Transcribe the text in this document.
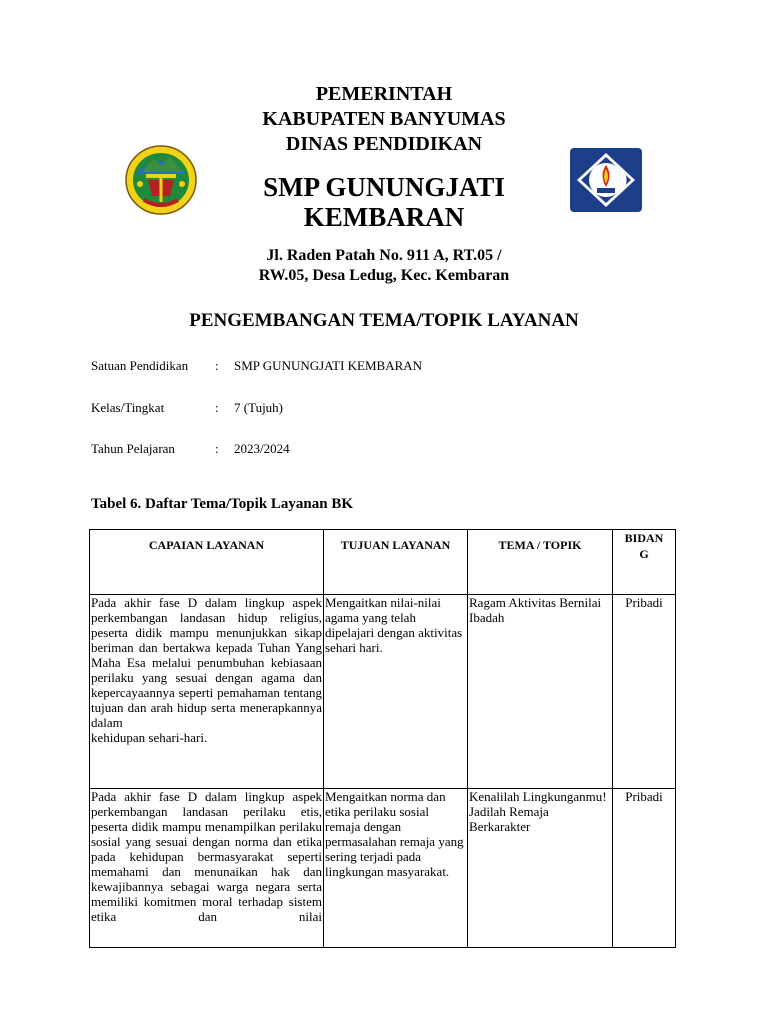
PEMERINTAH
KABUPATEN BANYUMAS
DINAS PENDIDIKAN
SMP GUNUNGJATI
KEMBARAN
Jl. Raden Patah No. 911 A, RT.05 /
RW.05, Desa Ledug, Kec. Kembaran
PENGEMBANGAN TEMA/TOPIK LAYANAN
Satuan Pendidikan : SMP GUNUNGJATI KEMBARAN
Kelas/Tingkat	: 7 (Tujuh)
Tahun Pelajaran	: 2023/2024
Tabel 6. Daftar Tema/Topik Layanan BK
CAPAIAN LAYANAN	TUJUAN LAYANAN	TEMA / TOPIK	BIDAN
G

Pada akhir fase D dalam lingkup aspek perkembangan landasan hidup religius, peserta didik mampu menunjukkan sikap beriman dan bertakwa kepada Tuhan Yang Maha Esa melalui penumbuhan kebiasaan perilaku yang sesuai dengan agama dan kepercayaannya seperti pemahaman tentang tujuan dan arah hidup serta menerapkannya dalam
kehidupan sehari-hari.	Mengaitkan nilai-nilai agama yang telah dipelajari dengan aktivitas sehari hari.	Ragam Aktivitas Bernilai Ibadah	Pribadi

Pada akhir fase D dalam lingkup aspek perkembangan landasan perilaku etis, peserta didik mampu menampilkan perilaku sosial yang sesuai dengan norma dan etika pada kehidupan bermasyarakat seperti memahami dan menunaikan hak dan kewajibannya sebagai warga negara serta memiliki komitmen moral terhadap sistem etika dan nilai	Mengaitkan norma dan etika perilaku sosial remaja dengan permasalahan remaja yang sering terjadi pada lingkungan masyarakat.	Kenalilah Lingkunganmu! Jadilah Remaja Berkarakter	Pribadi
